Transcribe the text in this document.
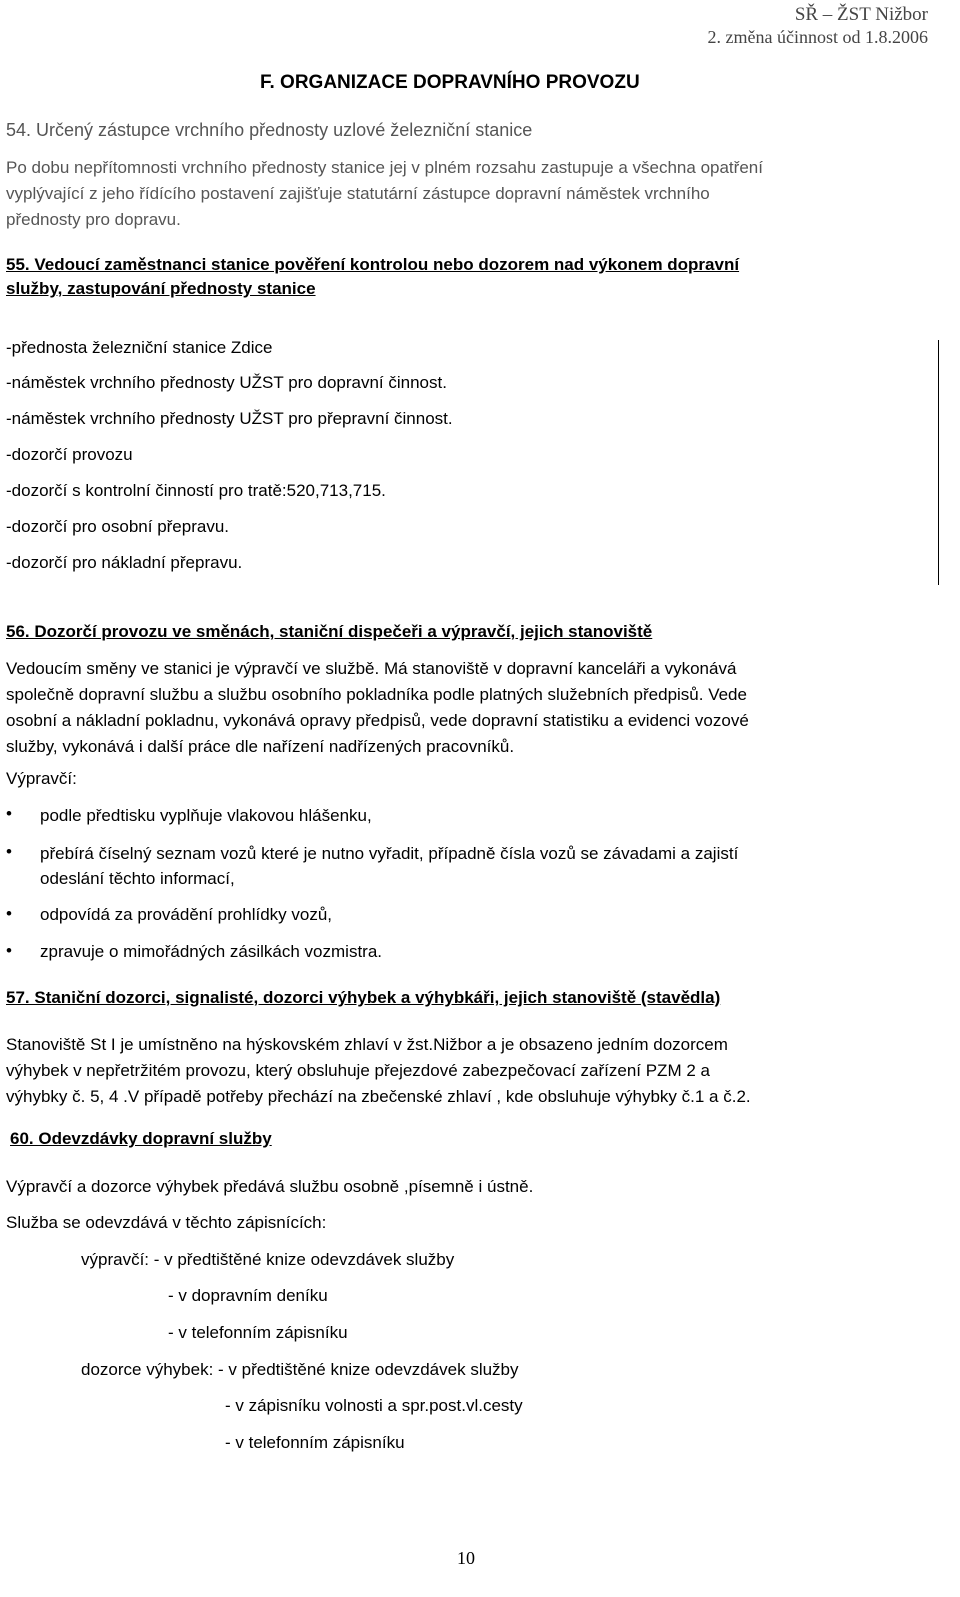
SŘ – ŽST Nižbor
2. změna účinnost od 1.8.2006
F. ORGANIZACE DOPRAVNÍHO PROVOZU
54. Určený zástupce vrchního přednosty uzlové železniční stanice
Po dobu nepřítomnosti vrchního přednosty stanice jej v plném rozsahu zastupuje a všechna opatření
vyplývající z jeho řídícího postavení zajišťuje statutární zástupce dopravní náměstek vrchního
přednosty pro dopravu.
55. Vedoucí zaměstnanci stanice pověření kontrolou nebo dozorem nad výkonem dopravní
služby, zastupování přednosty stanice
-přednosta železniční stanice Zdice
-náměstek vrchního přednosty UŽST pro dopravní činnost.
-náměstek vrchního přednosty UŽST pro přepravní činnost.
-dozorčí provozu
-dozorčí s kontrolní činností pro tratě:520,713,715.
-dozorčí pro osobní přepravu.
-dozorčí pro nákladní přepravu.
56. Dozorčí provozu ve směnách, staniční dispečeři a výpravčí, jejich stanoviště
Vedoucím směny ve stanici je výpravčí ve službě. Má stanoviště v dopravní kanceláři a vykonává
společně dopravní službu a službu osobního pokladníka podle platných služebních předpisů. Vede
osobní a nákladní pokladnu, vykonává opravy předpisů, vede dopravní statistiku a evidenci vozové
služby, vykonává i další práce dle nařízení nadřízených pracovníků.
Výpravčí:
• podle předtisku vyplňuje vlakovou hlášenku,
• přebírá číselný seznam vozů které je nutno vyřadit, případně čísla vozů se závadami a zajistí
odeslání těchto informací,
• odpovídá za provádění prohlídky vozů,
• zpravuje o mimořádných zásilkách vozmistra.
57. Staniční dozorci, signalisté, dozorci výhybek a výhybkáři, jejich stanoviště (stavědla)
Stanoviště St I je umístněno na hýskovském zhlaví v žst.Nižbor a je obsazeno jedním dozorcem
výhybek v nepřetržitém provozu, který obsluhuje přejezdové zabezpečovací zařízení PZM 2 a
výhybky č. 5, 4 .V případě potřeby přechází na zbečenské zhlaví , kde obsluhuje výhybky č.1 a č.2.
60. Odevzdávky dopravní služby
Výpravčí a dozorce výhybek předává službu osobně ,písemně i ústně.
Služba se odevzdává v těchto zápisnících:
výpravčí: - v předtištěné knize odevzdávek služby
- v dopravním deníku
- v telefonním zápisníku
dozorce výhybek: - v předtištěné knize odevzdávek služby
- v zápisníku volnosti a spr.post.vl.cesty
- v telefonním zápisníku
10
